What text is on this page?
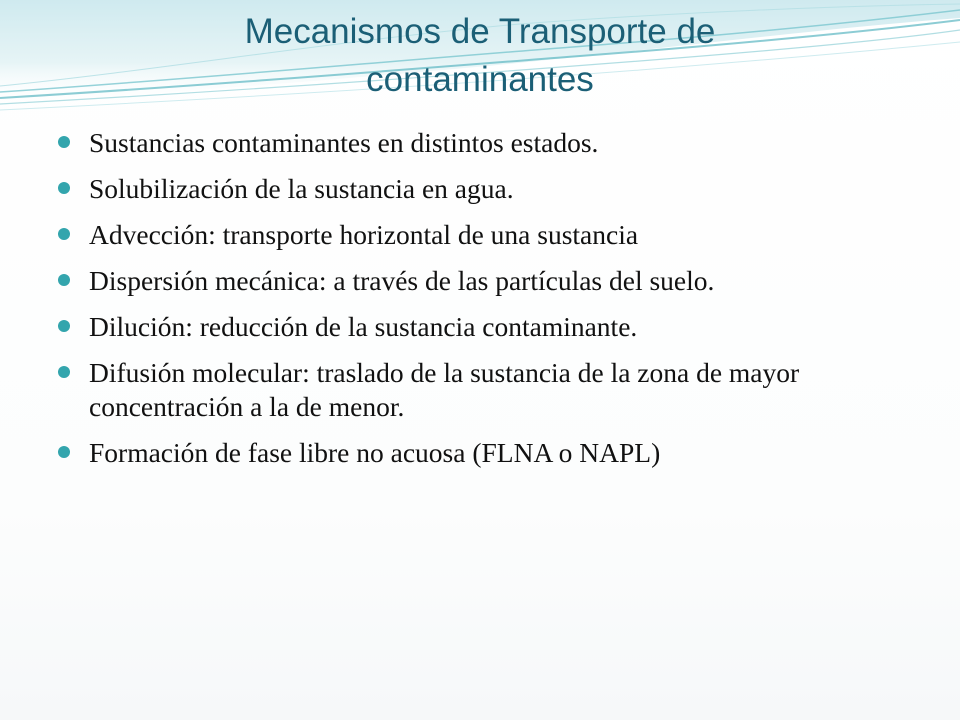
Mecanismos de Transporte de contaminantes
Sustancias contaminantes en distintos estados.
Solubilización de la sustancia en agua.
Advección: transporte horizontal de una sustancia
Dispersión mecánica: a través de las partículas del suelo.
Dilución: reducción de la sustancia contaminante.
Difusión molecular: traslado de la sustancia de la zona de mayor concentración a la de menor.
Formación de fase libre no acuosa (FLNA o NAPL)
